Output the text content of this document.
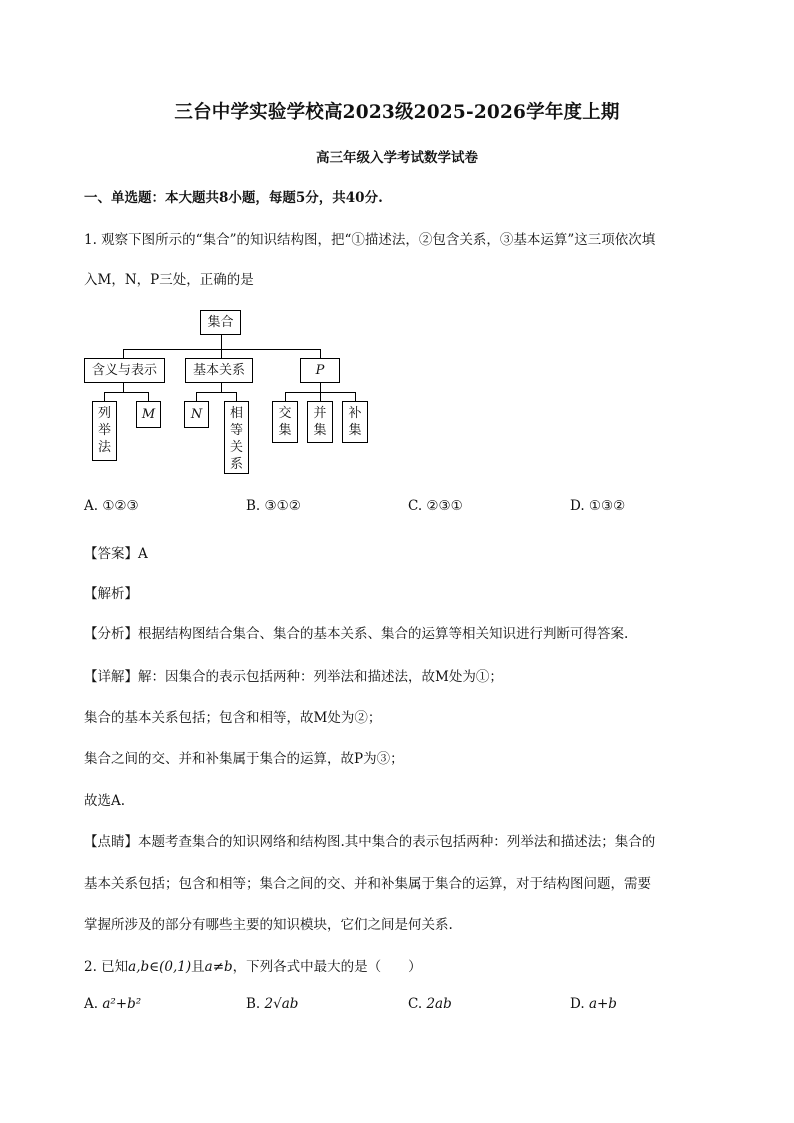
三台中学实验学校高2023级2025-2026学年度上期
高三年级入学考试数学试卷
一、单选题：本大题共8小题，每题5分，共40分.
1. 观察下图所示的“集合”的知识结构图，把“①描述法，②包含关系，③基本运算”这三项依次填
入M，N，P三处，正确的是
集合
含义与表示	基本关系	P
列举法
M	N	相等关系
交集
并集
补集
A. ①②③	B. ③①②	C. ②③①	D. ①③②
【答案】A
【解析】
【分析】根据结构图结合集合、集合的基本关系、集合的运算等相关知识进行判断可得答案.
【详解】解：因集合的表示包括两种：列举法和描述法，故M处为①；
集合的基本关系包括；包含和相等，故M处为②；
集合之间的交、并和补集属于集合的运算，故P为③；
故选A.
【点睛】本题考查集合的知识网络和结构图.其中集合的表示包括两种：列举法和描述法；集合的
基本关系包括；包含和相等；集合之间的交、并和补集属于集合的运算，对于结构图问题，需要
掌握所涉及的部分有哪些主要的知识模块，它们之间是何关系.
2. 已知a,b∈(0,1)且a≠b，下列各式中最大的是（　　）
A. a²+b²	B. 2√ab	C. 2ab	D. a+b
